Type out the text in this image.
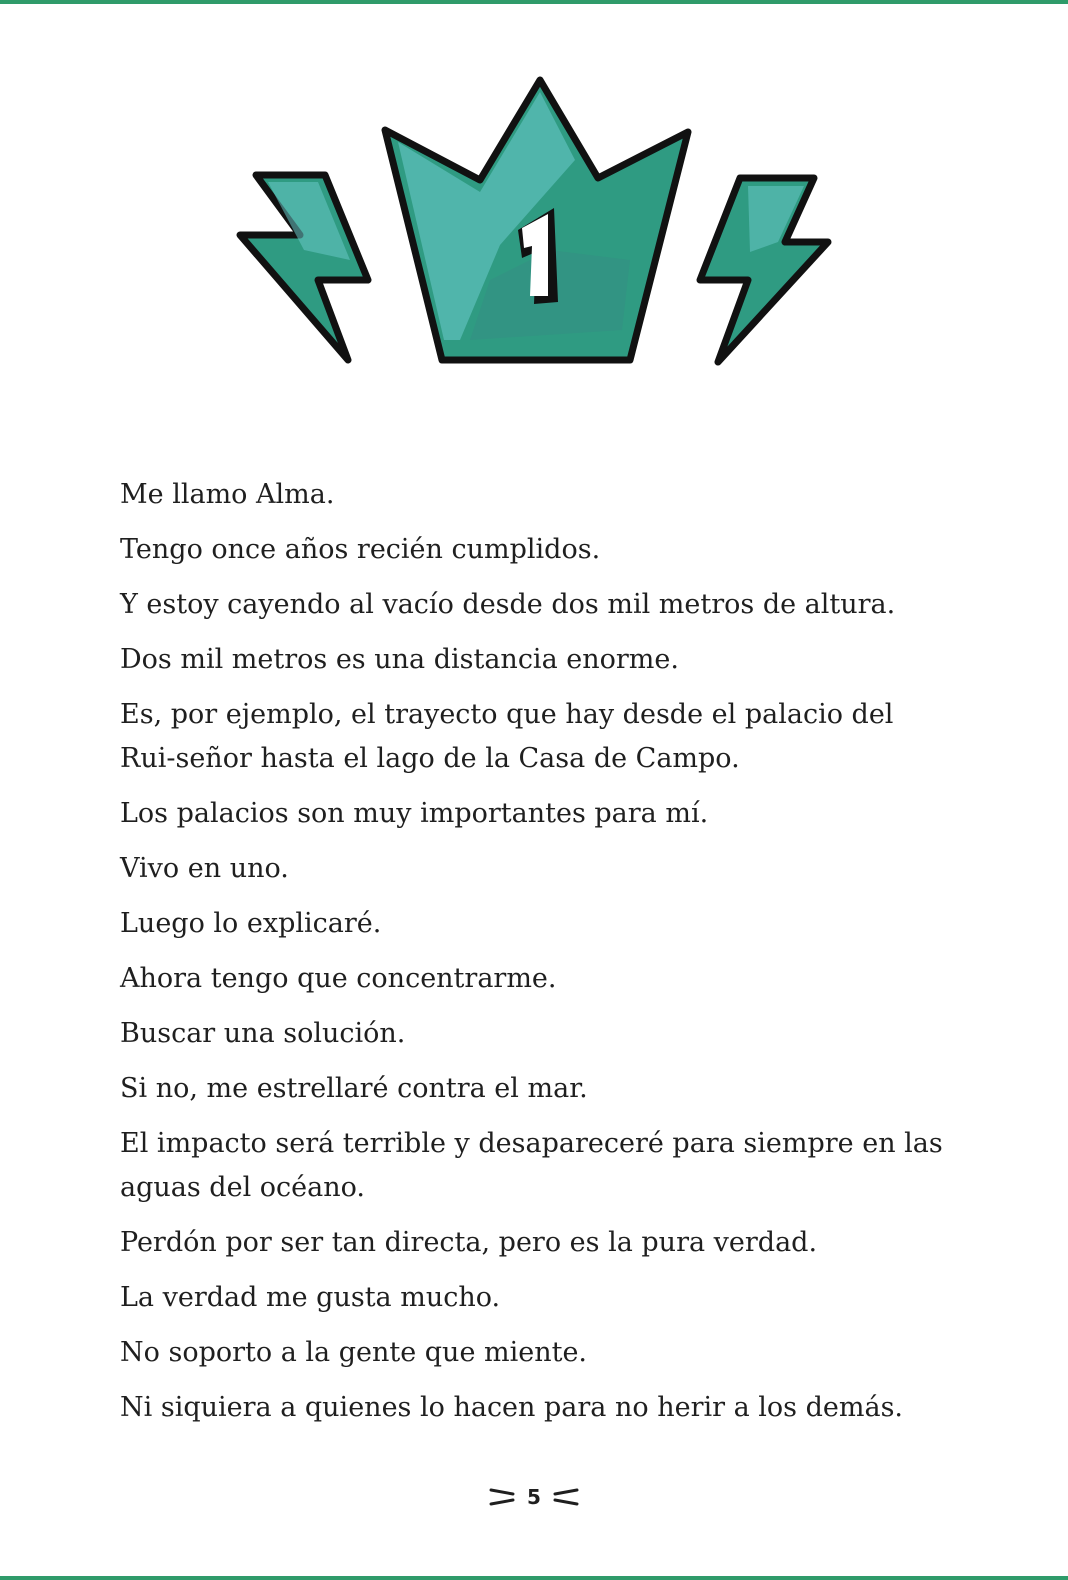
Me llamo Alma.

Tengo once años recién cumplidos.

Y estoy cayendo al vacío desde dos mil metros de altura.

Dos mil metros es una distancia enorme.

Es, por ejemplo, el trayecto que hay desde el palacio del Rui-señor hasta el lago de la Casa de Campo.

Los palacios son muy importantes para mí.

Vivo en uno.

Luego lo explicaré.

Ahora tengo que concentrarme.

Buscar una solución.

Si no, me estrellaré contra el mar.

El impacto será terrible y desapareceré para siempre en las aguas del océano.

Perdón por ser tan directa, pero es la pura verdad.

La verdad me gusta mucho.

No soporto a la gente que miente.

Ni siquiera a quienes lo hacen para no herir a los demás.

5
